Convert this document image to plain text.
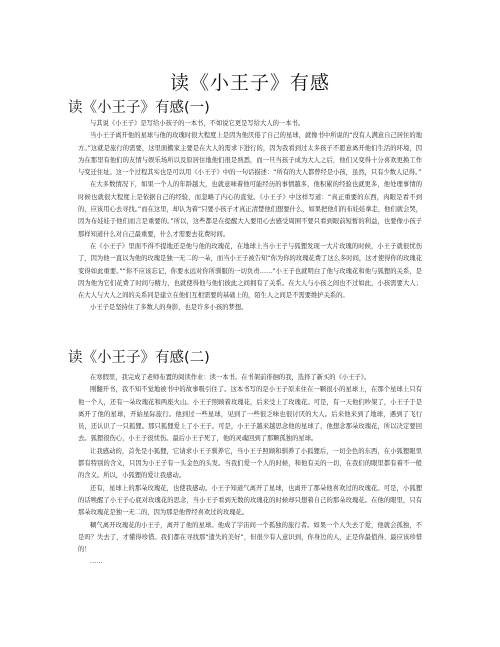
读《小王子》有感
读《小王子》有感(一)
与其说《小王子》是写给小孩子的一本书，不如说它更是写给大人的一本书。
当小王子离开他的星球与他的玫瑰时很大程度上是因为他厌倦了自己的星球，就像书中所说的“没有人满意自己居住的地方。”这就是旅行的需要，这里面搬家主要是在大人的需求下进行的，因为我看到过太多孩子不愿意离开他们生活的环境，因为在那里有他们的友情与娱乐场所以及原居住地他们很是熟悉，而一旦当孩子成为大人之后，他们又变得十分喜欢更换工作与变迁住址。这一个过程其实也是可以用《小王子》中的一句话描述：“所有的大人都曾经是小孩，虽然，只有少数人记得。”
在大多数情况下，如果一个人的年龄越大，也就意味着他可能经历的事情越多，他积累的经验也就更多，他处理事情的时候也就很大程度上是依据自己的经验，而忽略了内心的直觉。《小王子》中这样写道：“真正重要的东西，肉眼是看不到的，应该用心去寻找。”而在这里，却认为着“只要小孩子才真正清楚他们想要什么，如果把他们的布娃娃拿走，他们就会哭，因为布娃娃于他们而言是重要的。”所以，这些都是在提醒大人要用心去感受周围不要只看到眼前短暂的利益，也要像小孩子那样知道什么对自己最重要，什么才需要去花费时间。
在《小王子》里面不得不提地还是他与他的玫瑰花，在地球上当小王子与狐狸发现一大片玫瑰的时候，小王子就很忧伤了，因为他一直以为他的玫瑰是独一无二的一朵，而当小王子被告知“你为你的玫瑰花费了这么多时间，这才使得你的玫瑰花变得如此重要。”“你不应该忘记，你要永远对你所驯服的一切负责……”小王子也就明白了他与玫瑰花和他与狐狸的关系，是因为他为它们花费了时间与精力，也就使得他与他们彼此之间拥有了关系。在大人与小孩之间也不过如此，小孩需要大人；在大人与大人之间的关系同是建立在他们互相需要的基础上的，陌生人之间是不需要维护关系的。
小王子是坚持住了多数人的身影，也是许多小孩的梦想。
读《小王子》有感(二)
在寒假里，我完成了老师布置的阅读作业：读一本书。在书架前徘徊的我，选择了新买的《小王子》。
刚翻开书，我不知不觉地被书中的故事吸引住了。这本书写的是小王子原来住在一颗很小的星球上，在那个星球上只有他一个人，还有一朵玫瑰花和两座火山。小王子照顾着玫瑰花，后来受上了玫瑰花。可是，有一天他们吵架了，小王子于是离开了他的星球，开始星际旅行。他到过一些星球，见到了一些很乏味也很讨厌的大人。后来他来到了地球，遇到了飞行员，还认识了一只狐狸。那只狐狸爱上了小王子。可是，小王子越来越思念他的星球了，他想念那朵玫瑰花，所以决定要回去。狐狸很伤心，小王子很忧伤。最后小王子死了，他的灵魂回到了那颗孤独的星球。
让我感动的，首先是小狐狸，它请求小王子驯养它，当小王子照顾和驯养了小狐狸后，一切全色的东西，在小狐狸眼里都有特别的含义，只因为小王子有一头金色的头发。当我们爱一个人的时候，和他有关的一切，在我们的眼里都有着不一般的含义。所以，小狐狸的爱让我感动。
还有，星球上的那朵玫瑰花，也使我感动。小王子知道气离开了星球，也离开了那朵他喜欢过的玫瑰花。可是，小狐狸的话唤醒了小王子心底对玫瑰花的思念，当小王子看到无数的玫瑰花的时候却只想着自己的那朵玫瑰花。在他的眼里，只有那朵玫瑰花是独一无二的，因为那是他曾经喜欢过的玫瑰花。
糊气离开玫瑰花的小王子，离开了他的星球。他成了宇宙间一个孤独的旅行者。如果一个人失去了爱，他就会孤独，不是吗？失去了，才懂得珍惜。我们都在寻找那“遗失的美好”，但很少有人意识到，你身边的人，正是你最值得、最应该珍惜的！
……
